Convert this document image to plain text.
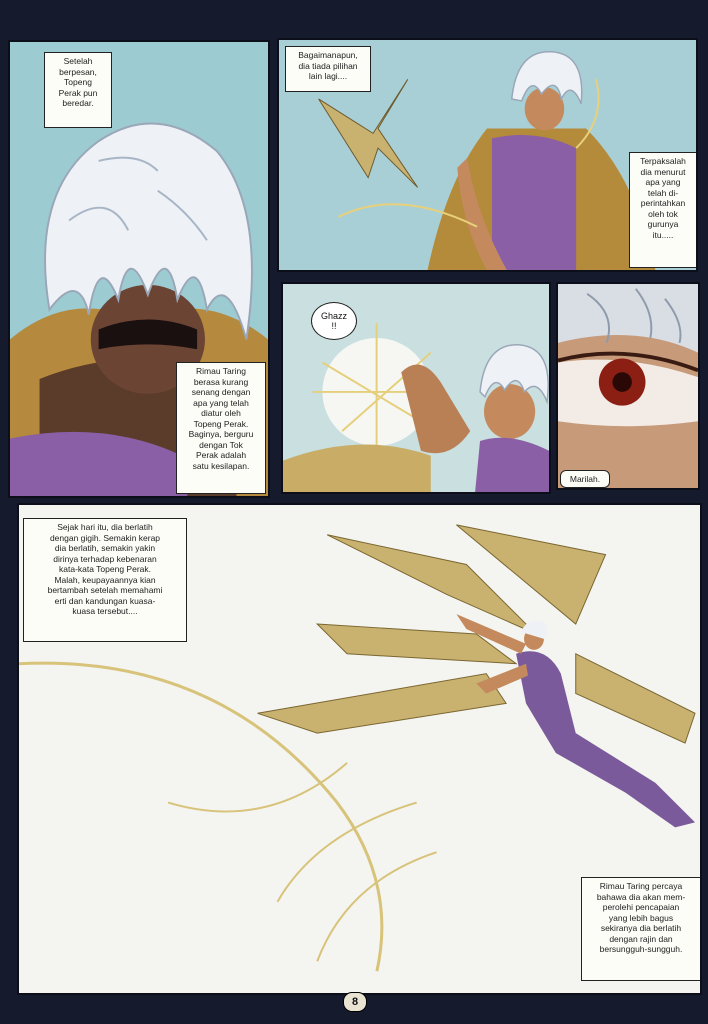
Setelah
berpesan,
Topeng
Perak pun
beredar.
Rimau Taring
berasa kurang
senang dengan
apa yang telah
diatur oleh
Topeng Perak.
Baginya, berguru
dengan Tok
Perak adalah
satu kesilapan.
Bagaimanapun,
dia tiada pilihan
lain lagi....
Terpaksalah
dia menurut
apa yang
telah di-
perintahkan
oleh tok
gurunya
itu.....
Ghazz
!!
Marilah.
Sejak hari itu, dia berlatih
dengan gigih. Semakin kerap
dia berlatih, semakin yakin
dirinya terhadap kebenaran
kata-kata Topeng Perak.
Malah, keupayaannya kian
bertambah setelah memahami
erti dan kandungan kuasa-
kuasa tersebut....
Rimau Taring percaya
bahawa dia akan mem-
perolehi pencapaian
yang lebih bagus
sekiranya dia berlatih
dengan rajin dan
bersungguh-sungguh.
8
